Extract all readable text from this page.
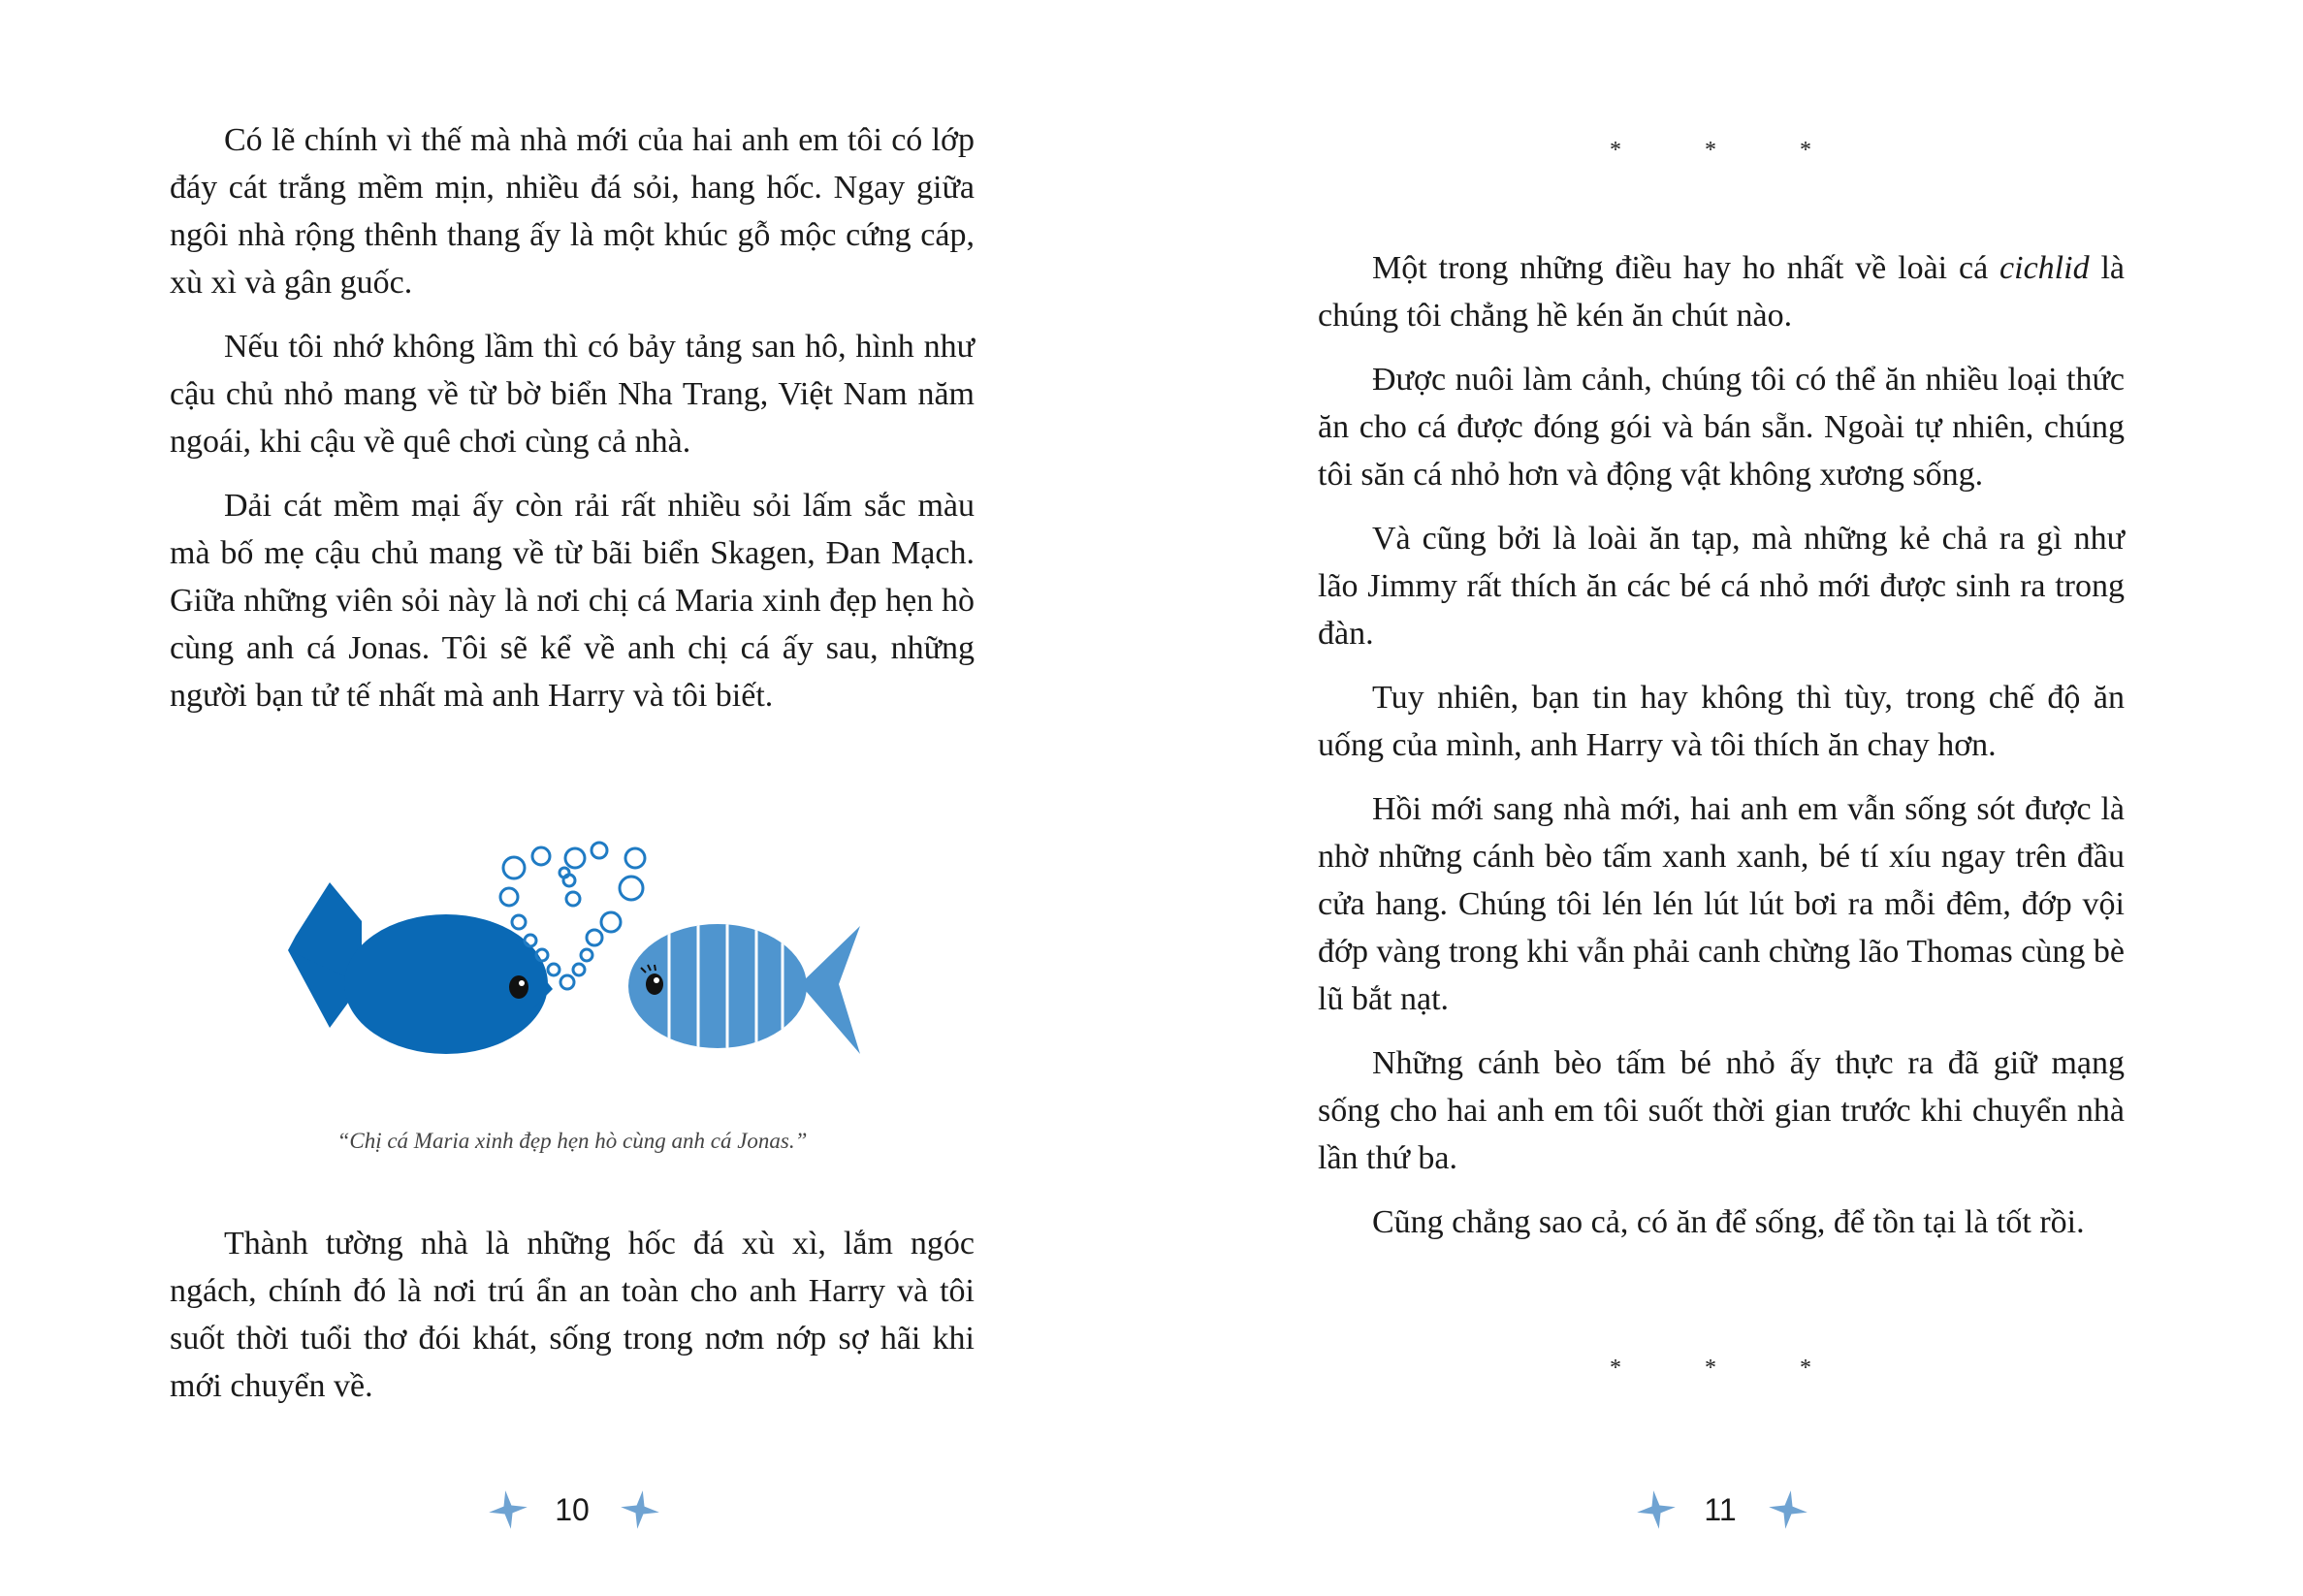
Có lẽ chính vì thế mà nhà mới của hai anh em tôi có lớp đáy cát trắng mềm mịn, nhiều đá sỏi, hang hốc. Ngay giữa ngôi nhà rộng thênh thang ấy là một khúc gỗ mộc cứng cáp, xù xì và gân guốc.

Nếu tôi nhớ không lầm thì có bảy tảng san hô, hình như cậu chủ nhỏ mang về từ bờ biển Nha Trang, Việt Nam năm ngoái, khi cậu về quê chơi cùng cả nhà.

Dải cát mềm mại ấy còn rải rất nhiều sỏi lấm sắc màu mà bố mẹ cậu chủ mang về từ bãi biển Skagen, Đan Mạch. Giữa những viên sỏi này là nơi chị cá Maria xinh đẹp hẹn hò cùng anh cá Jonas. Tôi sẽ kể về anh chị cá ấy sau, những người bạn tử tế nhất mà anh Harry và tôi biết.

“Chị cá Maria xinh đẹp hẹn hò cùng anh cá Jonas.”

Thành tường nhà là những hốc đá xù xì, lắm ngóc ngách, chính đó là nơi trú ẩn an toàn cho anh Harry và tôi suốt thời tuổi thơ đói khát, sống trong nơm nớp sợ hãi khi mới chuyển về.

10
* * *

Một trong những điều hay ho nhất về loài cá cichlid là chúng tôi chẳng hề kén ăn chút nào.

Được nuôi làm cảnh, chúng tôi có thể ăn nhiều loại thức ăn cho cá được đóng gói và bán sẵn. Ngoài tự nhiên, chúng tôi săn cá nhỏ hơn và động vật không xương sống.

Và cũng bởi là loài ăn tạp, mà những kẻ chả ra gì như lão Jimmy rất thích ăn các bé cá nhỏ mới được sinh ra trong đàn.

Tuy nhiên, bạn tin hay không thì tùy, trong chế độ ăn uống của mình, anh Harry và tôi thích ăn chay hơn.

Hồi mới sang nhà mới, hai anh em vẫn sống sót được là nhờ những cánh bèo tấm xanh xanh, bé tí xíu ngay trên đầu cửa hang. Chúng tôi lén lén lút lút bơi ra mỗi đêm, đớp vội đớp vàng trong khi vẫn phải canh chừng lão Thomas cùng bè lũ bắt nạt.

Những cánh bèo tấm bé nhỏ ấy thực ra đã giữ mạng sống cho hai anh em tôi suốt thời gian trước khi chuyển nhà lần thứ ba.

Cũng chẳng sao cả, có ăn để sống, để tồn tại là tốt rồi.

* * *
11
